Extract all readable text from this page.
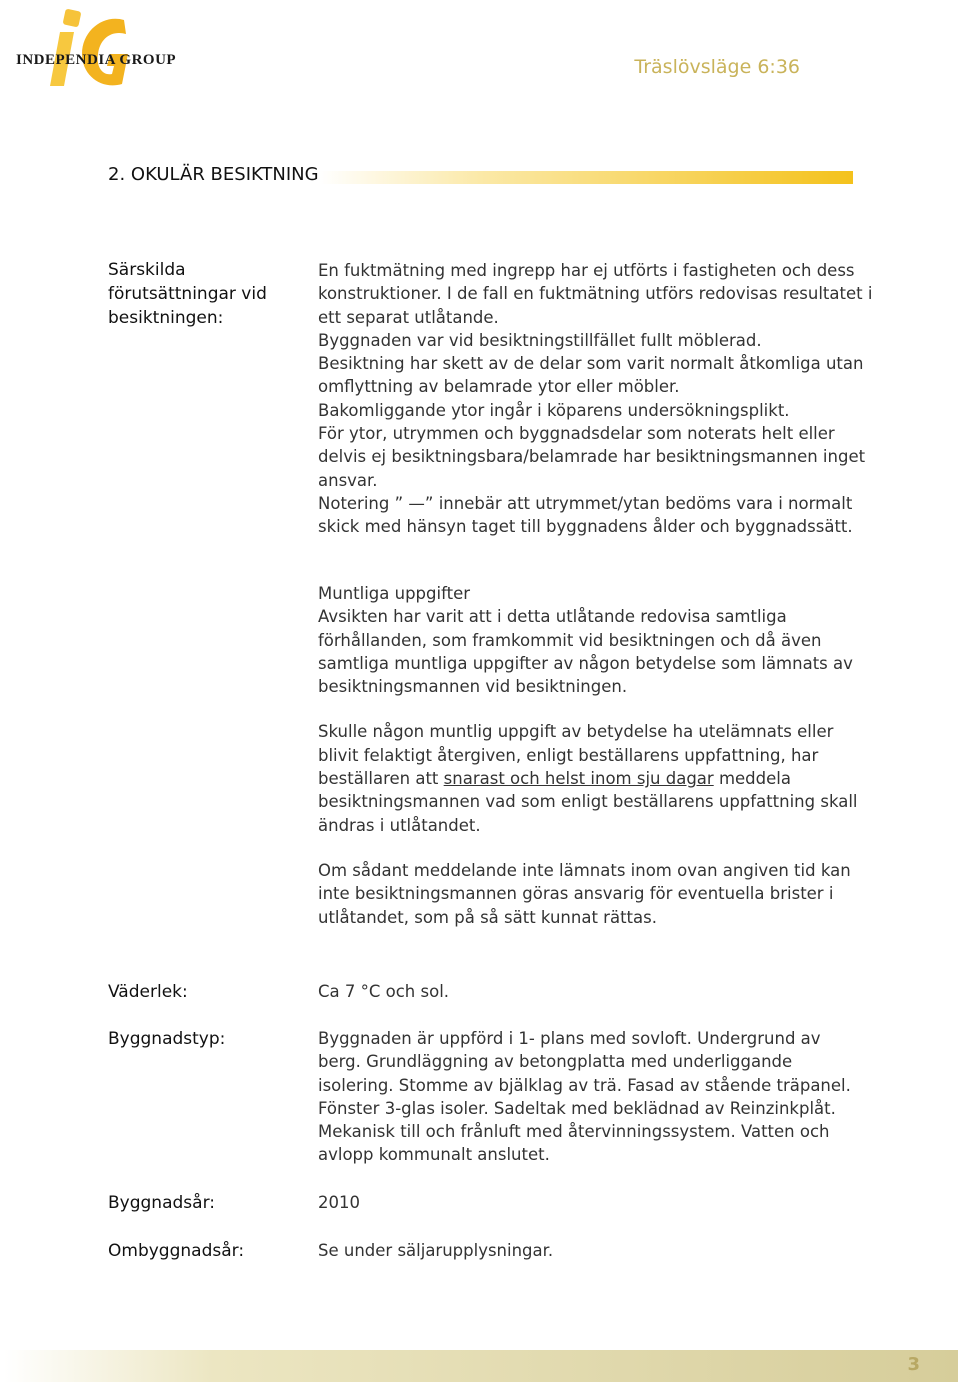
INDEPENDIA GROUP	Träslövsläge 6:36
2. OKULÄR BESIKTNING
Särskilda
förutsättningar vid
besiktningen:

En fuktmätning med ingrepp har ej utförts i fastigheten och dess konstruktioner. I de fall en fuktmätning utförs redovisas resultatet i ett separat utlåtande.

Byggnaden var vid besiktningstillfället fullt möblerad.

Besiktning har skett av de delar som varit normalt åtkomliga utan omflyttning av belamrade ytor eller möbler.

Bakomliggande ytor ingår i köparens undersökningsplikt.

För ytor, utrymmen och byggnadsdelar som noterats helt eller delvis ej besiktningsbara/belamrade har besiktningsmannen inget ansvar.

Notering ” —” innebär att utrymmet/ytan bedöms vara i normalt skick med hänsyn taget till byggnadens ålder och byggnadssätt.

Muntliga uppgifter

Avsikten har varit att i detta utlåtande redovisa samtliga förhållanden, som framkommit vid besiktningen och då även samtliga muntliga uppgifter av någon betydelse som lämnats av besiktningsmannen vid besiktningen.

Skulle någon muntlig uppgift av betydelse ha utelämnats eller blivit felaktigt återgiven, enligt beställarens uppfattning, har beställaren att snarast och helst inom sju dagar meddela besiktningsmannen vad som enligt beställarens uppfattning skall ändras i utlåtandet.

Om sådant meddelande inte lämnats inom ovan angiven tid kan inte besiktningsmannen göras ansvarig för eventuella brister i utlåtandet, som på så sätt kunnat rättas.

Väderlek:	Ca 7 °C och sol.
Byggnadstyp:	Byggnaden är uppförd i 1- plans med sovloft. Undergrund av berg. Grundläggning av betongplatta med underliggande isolering. Stomme av bjälklag av trä. Fasad av stående träpanel. Fönster 3-glas isoler. Sadeltak med beklädnad av Reinzinkplåt. Mekanisk till och frånluft med återvinningssystem. Vatten och avlopp kommunalt anslutet.
Byggnadsår:	2010
Ombyggnadsår:	Se under säljarupplysningar.
3
